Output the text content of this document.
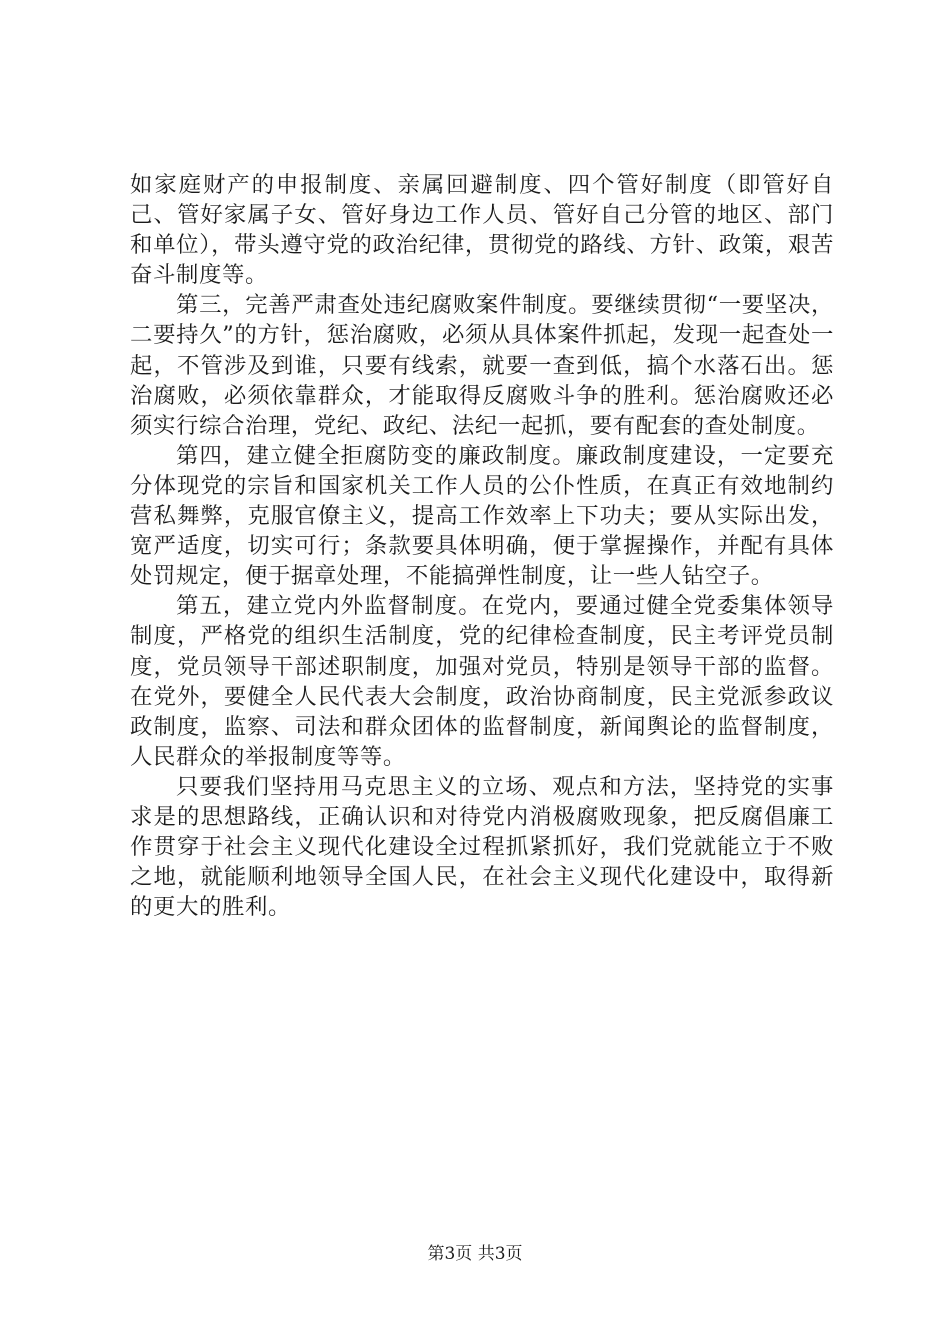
如家庭财产的申报制度、亲属回避制度、四个管好制度（即管好自己、管好家属子女、管好身边工作人员、管好自己分管的地区、部门和单位），带头遵守党的政治纪律，贯彻党的路线、方针、政策，艰苦奋斗制度等。

第三，完善严肃查处违纪腐败案件制度。要继续贯彻“一要坚决，二要持久”的方针，惩治腐败，必须从具体案件抓起，发现一起查处一起，不管涉及到谁，只要有线索，就要一查到低，搞个水落石出。惩治腐败，必须依靠群众，才能取得反腐败斗争的胜利。惩治腐败还必须实行综合治理，党纪、政纪、法纪一起抓，要有配套的查处制度。

第四，建立健全拒腐防变的廉政制度。廉政制度建设，一定要充分体现党的宗旨和国家机关工作人员的公仆性质，在真正有效地制约营私舞弊，克服官僚主义，提高工作效率上下功夫；要从实际出发，宽严适度，切实可行；条款要具体明确，便于掌握操作，并配有具体处罚规定，便于据章处理，不能搞弹性制度，让一些人钻空子。

第五，建立党内外监督制度。在党内，要通过健全党委集体领导制度，严格党的组织生活制度，党的纪律检查制度，民主考评党员制度，党员领导干部述职制度，加强对党员，特别是领导干部的监督。在党外，要健全人民代表大会制度，政治协商制度，民主党派参政议政制度，监察、司法和群众团体的监督制度，新闻舆论的监督制度，人民群众的举报制度等等。

只要我们坚持用马克思主义的立场、观点和方法，坚持党的实事求是的思想路线，正确认识和对待党内消极腐败现象，把反腐倡廉工作贯穿于社会主义现代化建设全过程抓紧抓好，我们党就能立于不败之地，就能顺利地领导全国人民，在社会主义现代化建设中，取得新的更大的胜利。

第3页 共3页
